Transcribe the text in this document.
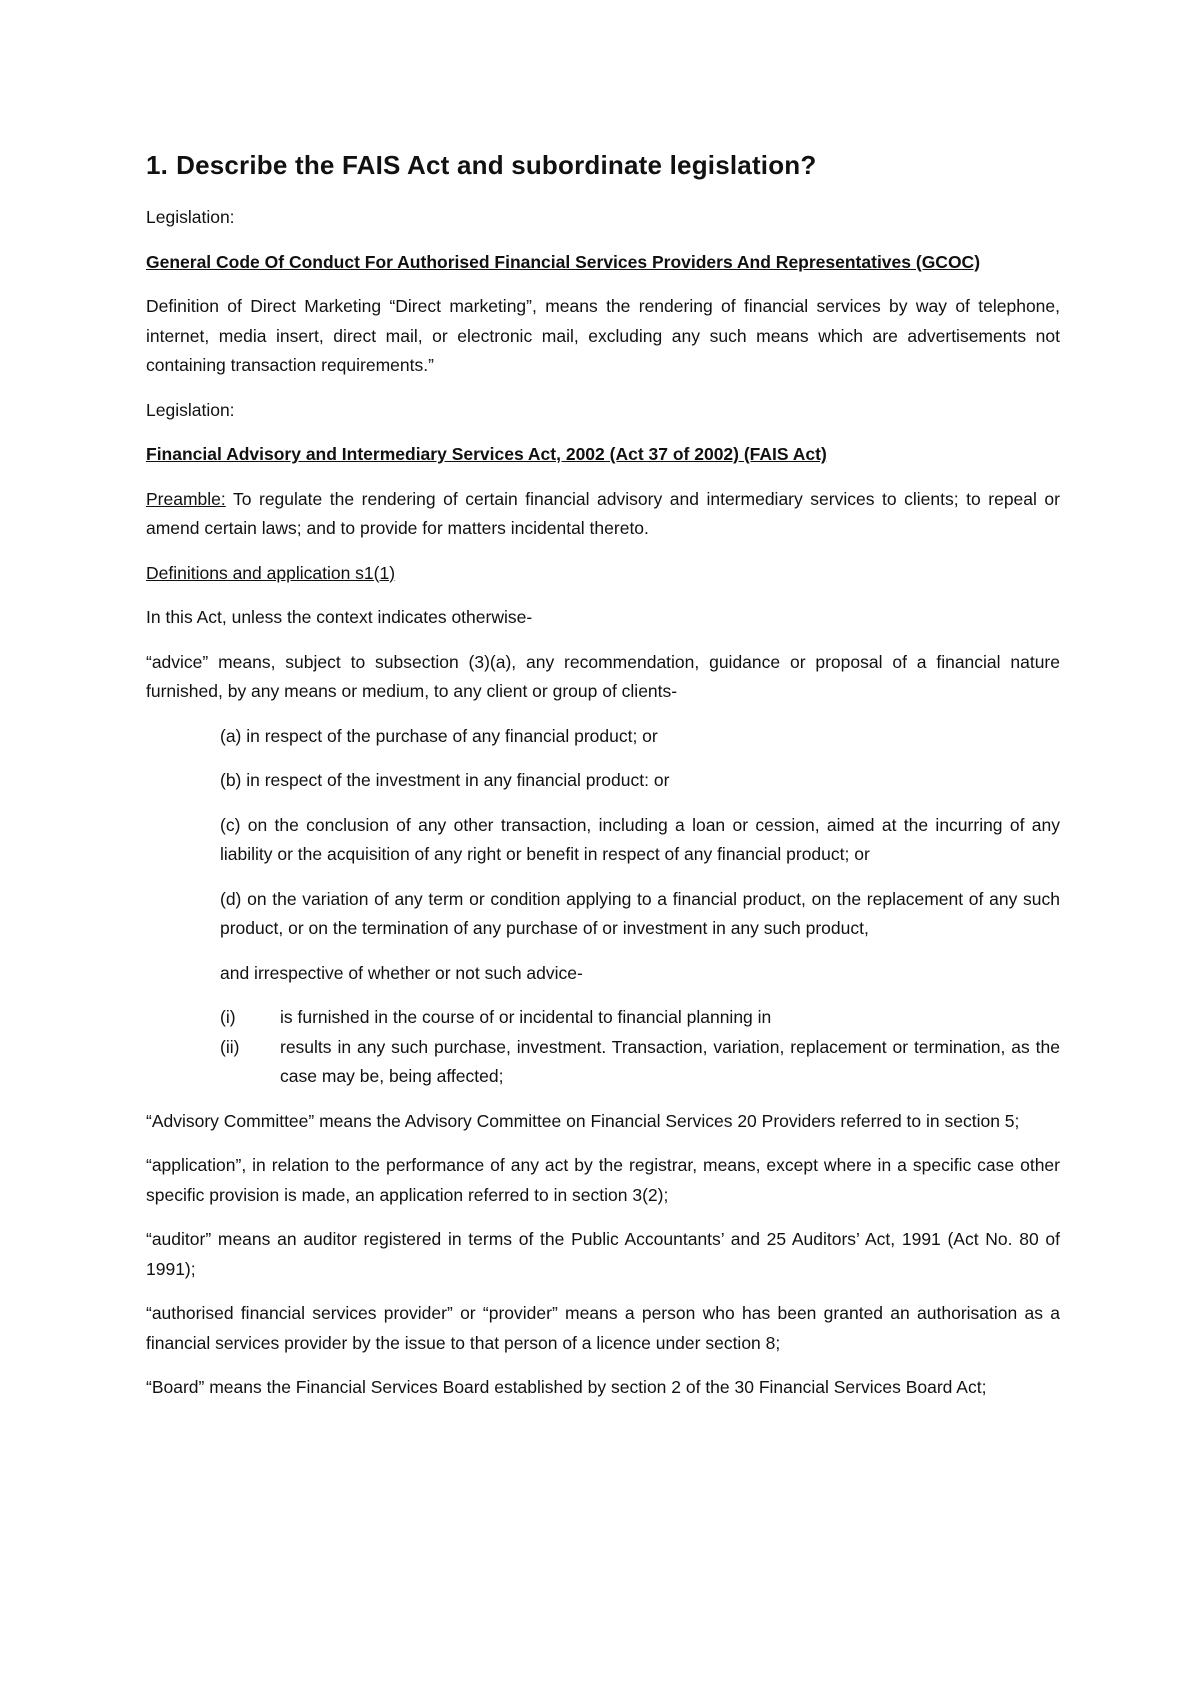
1. Describe the FAIS Act and subordinate legislation?

Legislation:

General Code Of Conduct For Authorised Financial Services Providers And Representatives (GCOC)

Definition of Direct Marketing “Direct marketing”, means the rendering of financial services by way of telephone, internet, media insert, direct mail, or electronic mail, excluding any such means which are advertisements not containing transaction requirements.”

Legislation:

Financial Advisory and Intermediary Services Act, 2002 (Act 37 of 2002) (FAIS Act)

Preamble: To regulate the rendering of certain financial advisory and intermediary services to clients; to repeal or amend certain laws; and to provide for matters incidental thereto.

Definitions and application s1(1)

In this Act, unless the context indicates otherwise-

“advice” means, subject to subsection (3)(a), any recommendation, guidance or proposal of a financial nature furnished, by any means or medium, to any client or group of clients-

(a) in respect of the purchase of any financial product; or

(b) in respect of the investment in any financial product: or

(c) on the conclusion of any other transaction, including a loan or cession, aimed at the incurring of any liability or the acquisition of any right or benefit in respect of any financial product; or

(d) on the variation of any term or condition applying to a financial product, on the replacement of any such product, or on the termination of any purchase of or investment in any such product,

and irrespective of whether or not such advice-

(i)	is furnished in the course of or incidental to financial planning in
(ii)	results in any such purchase, investment. Transaction, variation, replacement or termination, as the case may be, being affected;

“Advisory Committee” means the Advisory Committee on Financial Services 20 Providers referred to in section 5;

“application”, in relation to the performance of any act by the registrar, means, except where in a specific case other specific provision is made, an application referred to in section 3(2);

“auditor” means an auditor registered in terms of the Public Accountants’ and 25 Auditors’ Act, 1991 (Act No. 80 of 1991);

“authorised financial services provider” or “provider” means a person who has been granted an authorisation as a financial services provider by the issue to that person of a licence under section 8;

“Board” means the Financial Services Board established by section 2 of the 30 Financial Services Board Act;
